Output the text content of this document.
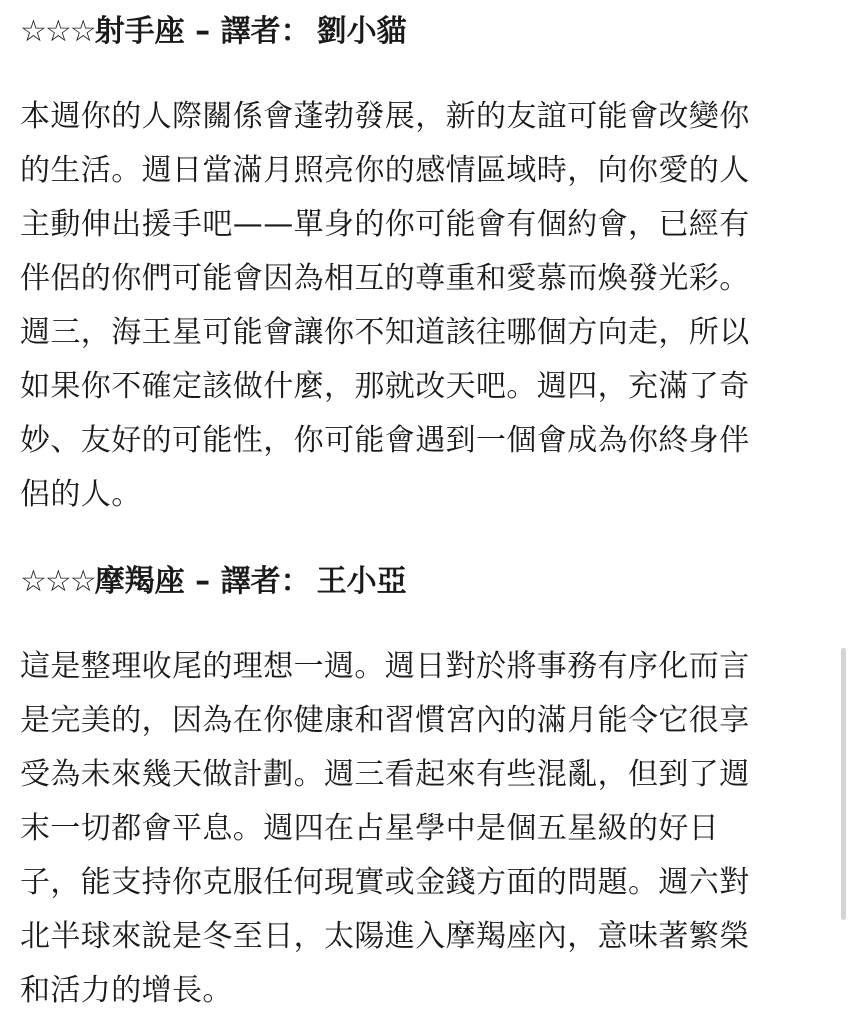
☆☆☆射手座 – 譯者： 劉小貓
本週你的人際關係會蓬勃發展，新的友誼可能會改變你
的生活。週日當滿月照亮你的感情區域時，向你愛的人
主動伸出援手吧——單身的你可能會有個約會，已經有
伴侶的你們可能會因為相互的尊重和愛慕而煥發光彩。
週三，海王星可能會讓你不知道該往哪個方向走，所以
如果你不確定該做什麼，那就改天吧。週四，充滿了奇
妙、友好的可能性，你可能會遇到一個會成為你終身伴
侶的人。
☆☆☆摩羯座 – 譯者： 王小亞
這是整理收尾的理想一週。週日對於將事務有序化而言
是完美的，因為在你健康和習慣宮內的滿月能令它很享
受為未來幾天做計劃。週三看起來有些混亂，但到了週
末一切都會平息。週四在占星學中是個五星級的好日
子，能支持你克服任何現實或金錢方面的問題。週六對
北半球來說是冬至日，太陽進入摩羯座內，意味著繁榮
和活力的增長。
